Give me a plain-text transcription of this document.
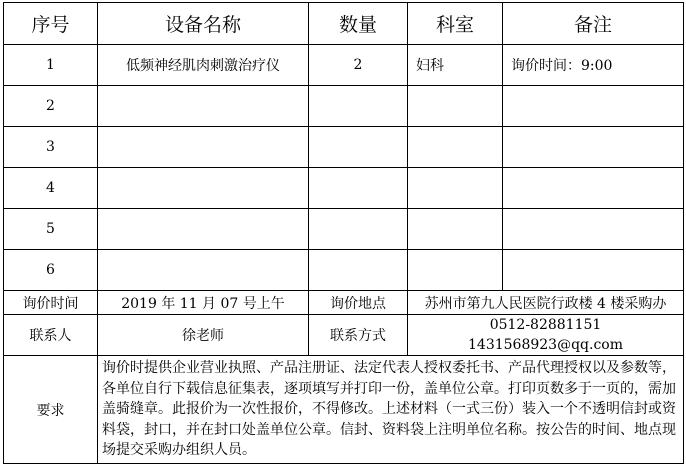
序号	设备名称	数量	科室	备注
1	低频神经肌肉刺激治疗仪	2	妇科	询价时间：9:00
2				
3				
4				
5				
6				
询价时间	2019 年 11 月 07 号上午	询价地点	苏州市第九人民医院行政楼 4 楼采购办	
联系人	徐老师	联系方式	0512-82881151
1431568923@qq.com	

要求	询价时提供企业营业执照、产品注册证、法定代表人授权委托书、产品代理授权以及参数等，各单位自行下载信息征集表，逐项填写并打印一份，盖单位公章。打印页数多于一页的，需加盖骑缝章。此报价为一次性报价，不得修改。上述材料（一式三份）装入一个不透明信封或资料袋，封口，并在封口处盖单位公章。信封、资料袋上注明单位名称。按公告的时间、地点现场提交采购办组织人员。			
